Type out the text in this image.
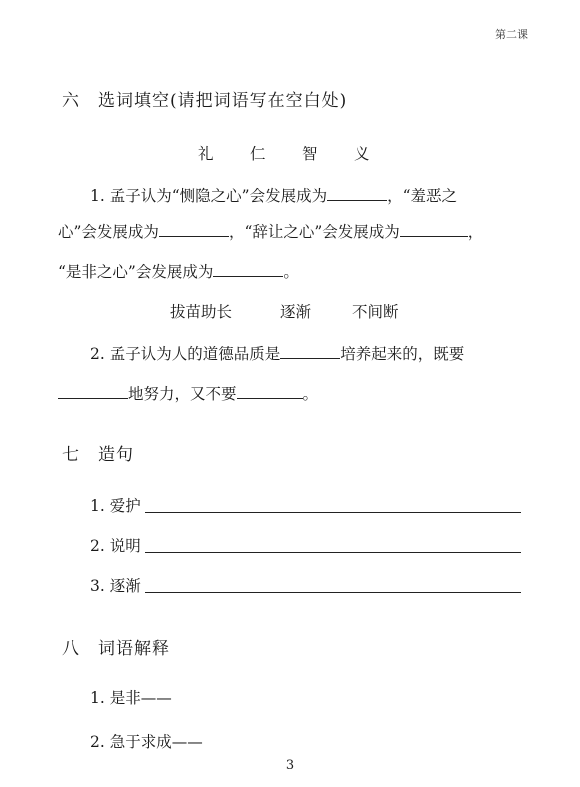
第二课
六　选词填空(请把词语写在空白处)
礼 仁 智 义
1. 孟子认为“恻隐之心”会发展成为	，“羞恶之
心”会发展成为	，“辞让之心”会发展成为	，
“是非之心”会发展成为	。
拔苗助长	逐渐	不间断
2. 孟子认为人的道德品质是	培养起来的，既要
地努力，又不要	。
七　造句
1. 爱护
2. 说明
3. 逐渐
八　词语解释
1. 是非——
2. 急于求成——
3
